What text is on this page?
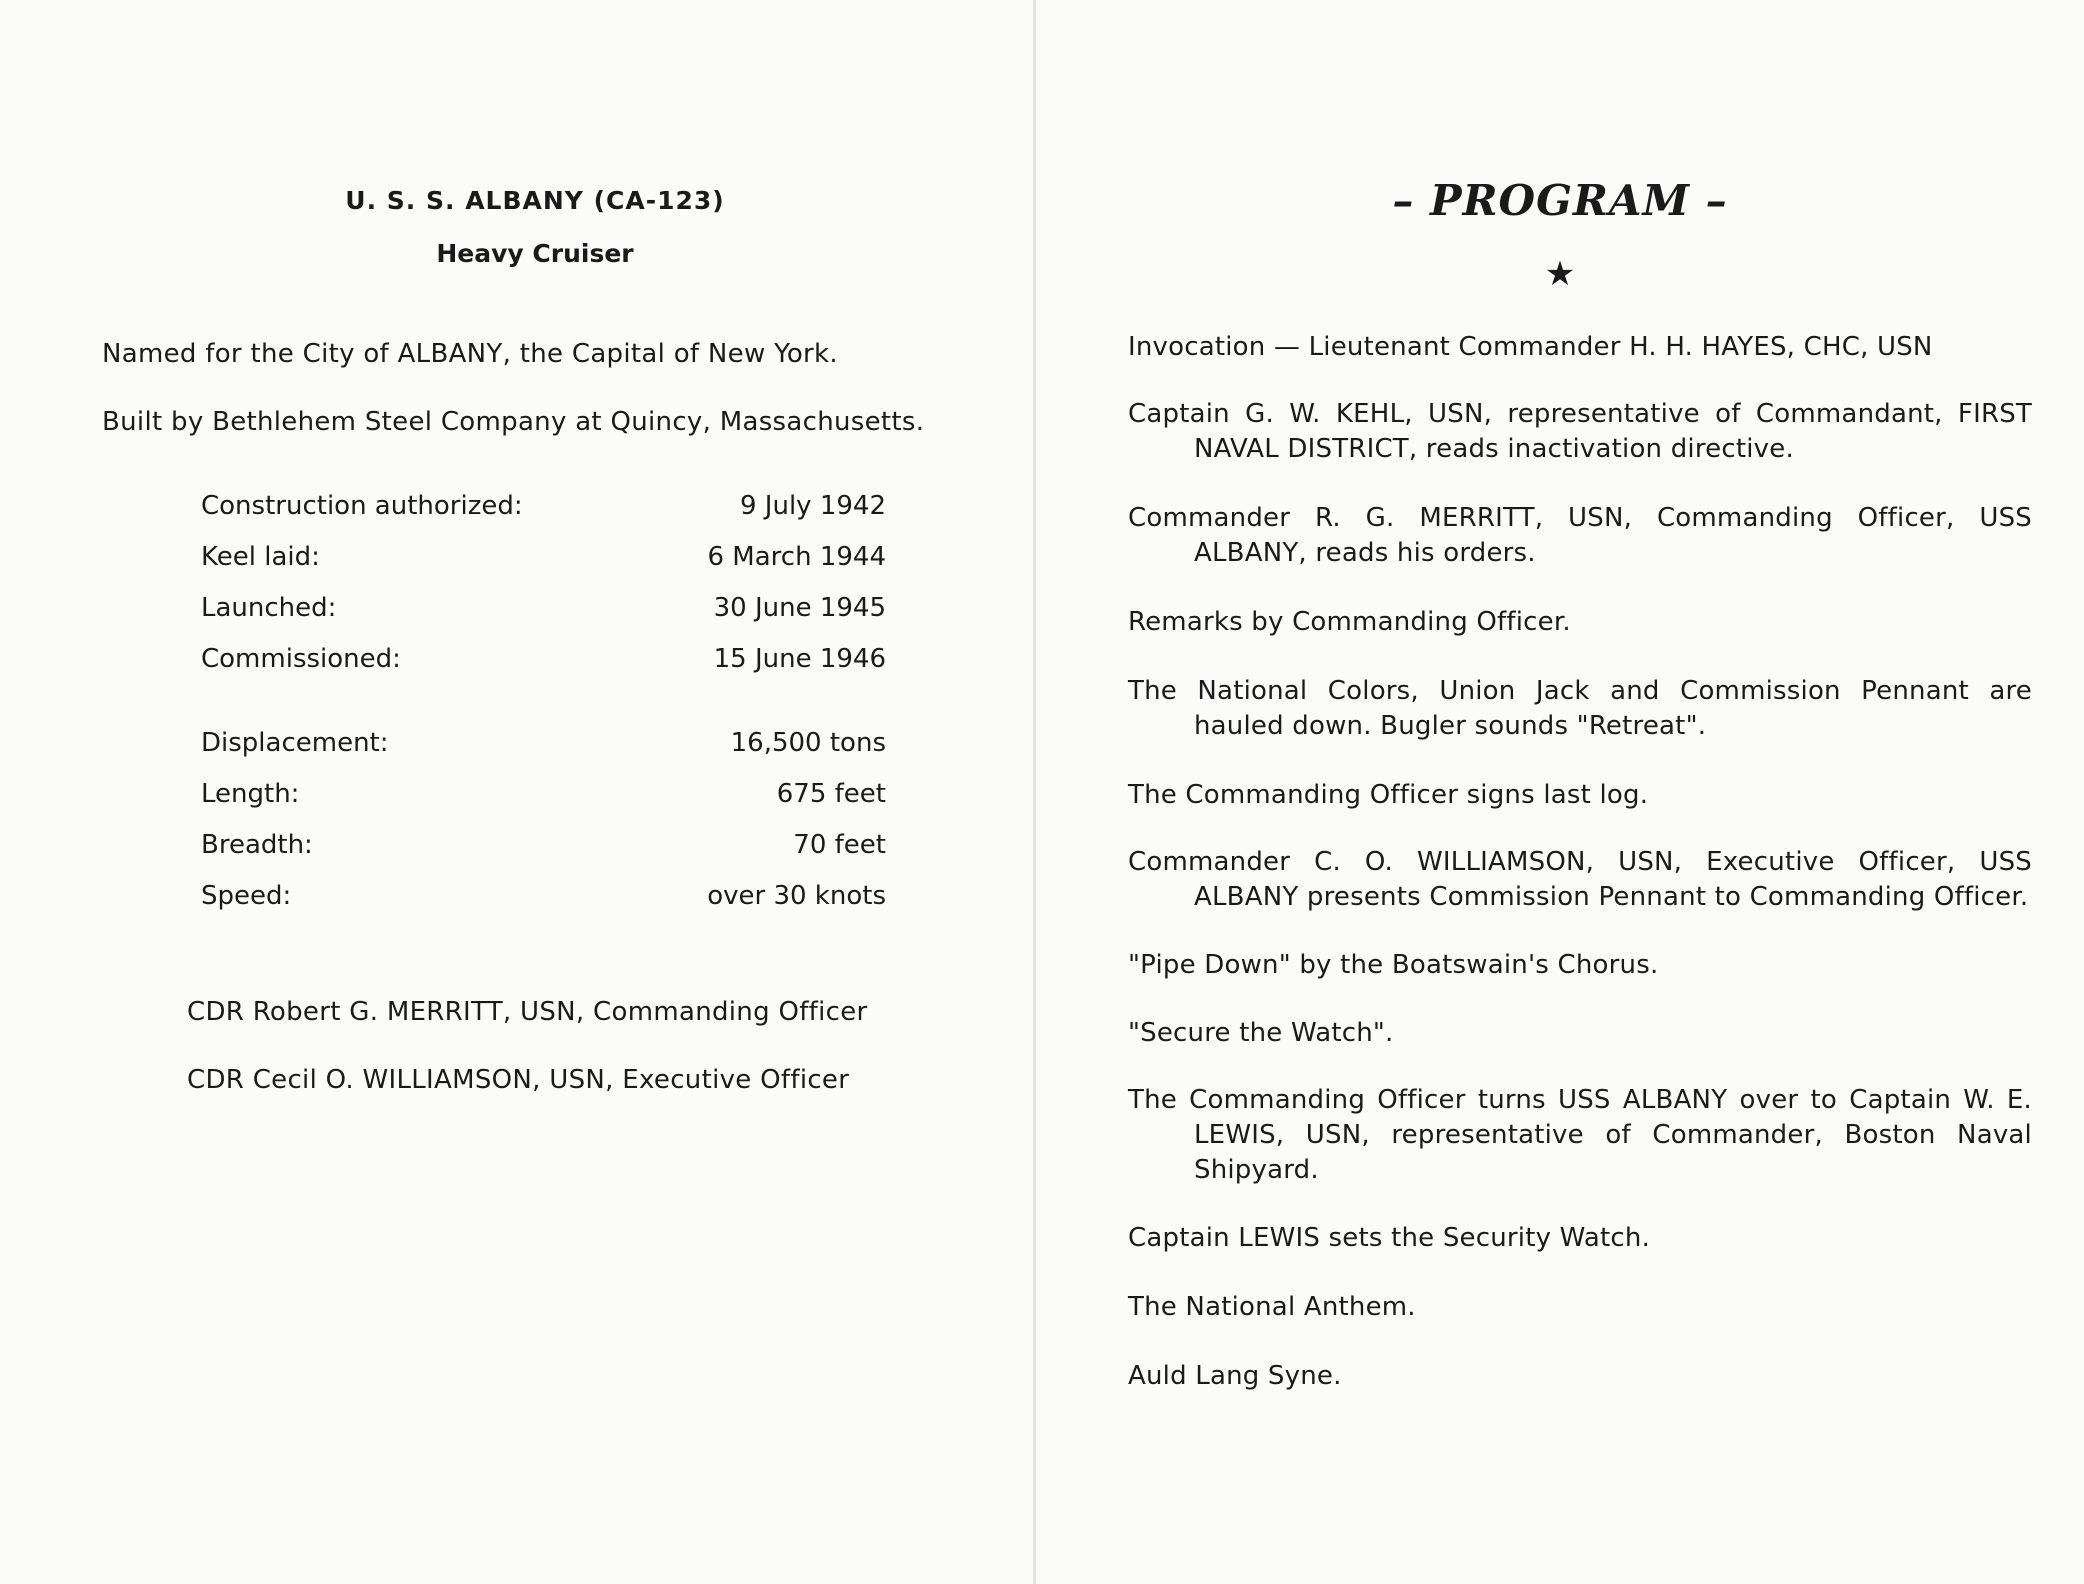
U. S. S. ALBANY (CA-123)
Heavy Cruiser
Named for the City of ALBANY, the Capital of New York.
Built by Bethlehem Steel Company at Quincy, Massachusetts.
Construction authorized:	9 July 1942
Keel laid:	6 March 1944
Launched:	30 June 1945
Commissioned:	15 June 1946
Displacement:	16,500 tons
Length:	675 feet
Breadth:	70 feet
Speed:	over 30 knots
CDR Robert G. MERRITT, USN, Commanding Officer
CDR Cecil O. WILLIAMSON, USN, Executive Officer
– PROGRAM –
★
Invocation — Lieutenant Commander H. H. HAYES, CHC, USN
Captain G. W. KEHL, USN, representative of Commandant, FIRST NAVAL DISTRICT, reads inactivation directive.
Commander R. G. MERRITT, USN, Commanding Officer, USS ALBANY, reads his orders.
Remarks by Commanding Officer.
The National Colors, Union Jack and Commission Pennant are hauled down. Bugler sounds "Retreat".
The Commanding Officer signs last log.
Commander C. O. WILLIAMSON, USN, Executive Officer, USS ALBANY presents Commission Pennant to Commanding Officer.
"Pipe Down" by the Boatswain's Chorus.
"Secure the Watch".
The Commanding Officer turns USS ALBANY over to Captain W. E. LEWIS, USN, representative of Commander, Boston Naval Shipyard.
Captain LEWIS sets the Security Watch.
The National Anthem.
Auld Lang Syne.
